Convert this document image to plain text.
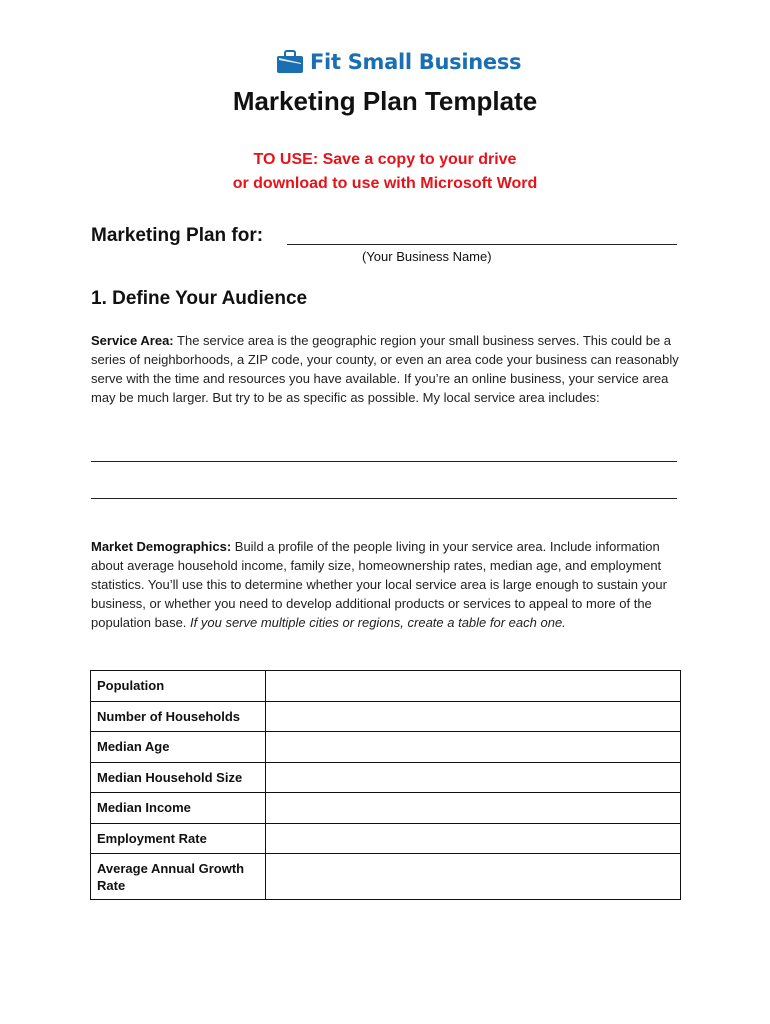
Fit Small Business
Marketing Plan Template
TO USE: Save a copy to your drive
or download to use with Microsoft Word
Marketing Plan for:
(Your Business Name)
1. Define Your Audience
Service Area: The service area is the geographic region your small business serves. This could be a series of neighborhoods, a ZIP code, your county, or even an area code your business can reasonably serve with the time and resources you have available. If you’re an online business, your service area may be much larger. But try to be as specific as possible. My local service area includes:
Market Demographics: Build a profile of the people living in your service area. Include information about average household income, family size, homeownership rates, median age, and employment statistics. You’ll use this to determine whether your local service area is large enough to sustain your business, or whether you need to develop additional products or services to appeal to more of the population base. If you serve multiple cities or regions, create a table for each one.
Population	
Number of Households	
Median Age	
Median Household Size	
Median Income	
Employment Rate	
Average Annual Growth Rate	
